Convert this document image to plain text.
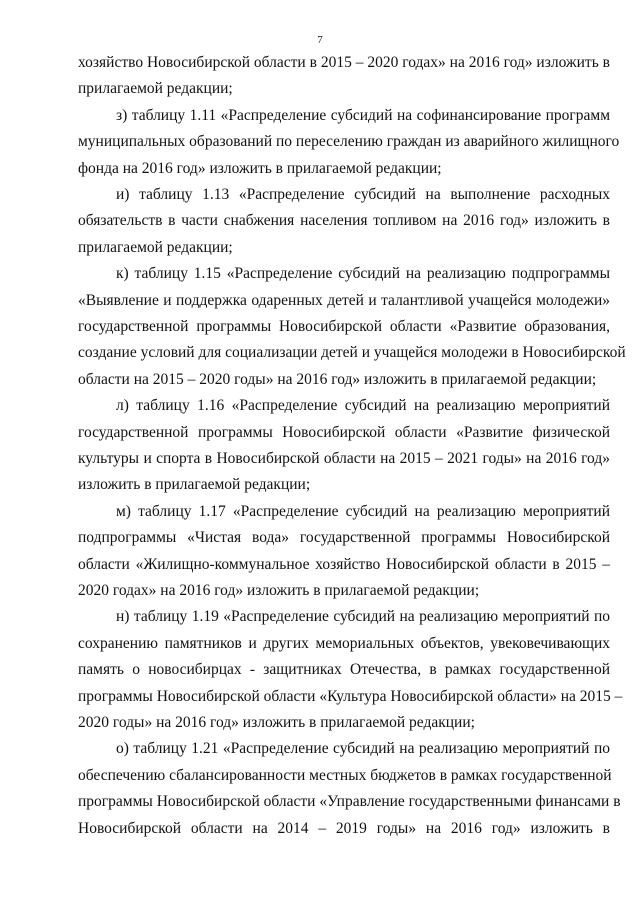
7
хозяйство Новосибирской области в 2015 – 2020 годах» на 2016 год» изложить в
прилагаемой редакции;
з) таблицу 1.11 «Распределение субсидий на софинансирование программ
муниципальных образований по переселению граждан из аварийного жилищного
фонда на 2016 год» изложить в прилагаемой редакции;
и) таблицу 1.13 «Распределение субсидий на выполнение расходных
обязательств в части снабжения населения топливом на 2016 год» изложить в
прилагаемой редакции;
к) таблицу 1.15 «Распределение субсидий на реализацию подпрограммы
«Выявление и поддержка одаренных детей и талантливой учащейся молодежи»
государственной программы Новосибирской области «Развитие образования,
создание условий для социализации детей и учащейся молодежи в Новосибирской
области на 2015 – 2020 годы» на 2016 год» изложить в прилагаемой редакции;
л) таблицу 1.16 «Распределение субсидий на реализацию мероприятий
государственной программы Новосибирской области «Развитие физической
культуры и спорта в Новосибирской области на 2015 – 2021 годы» на 2016 год»
изложить в прилагаемой редакции;
м) таблицу 1.17 «Распределение субсидий на реализацию мероприятий
подпрограммы «Чистая вода» государственной программы Новосибирской
области «Жилищно-коммунальное хозяйство Новосибирской области в 2015 –
2020 годах» на 2016 год» изложить в прилагаемой редакции;
н) таблицу 1.19 «Распределение субсидий на реализацию мероприятий по
сохранению памятников и других мемориальных объектов, увековечивающих
память о новосибирцах - защитниках Отечества, в рамках государственной
программы Новосибирской области «Культура Новосибирской области» на 2015 –
2020 годы» на 2016 год» изложить в прилагаемой редакции;
о) таблицу 1.21 «Распределение субсидий на реализацию мероприятий по
обеспечению сбалансированности местных бюджетов в рамках государственной
программы Новосибирской области «Управление государственными финансами в
Новосибирской области на 2014 – 2019 годы» на 2016 год» изложить в
